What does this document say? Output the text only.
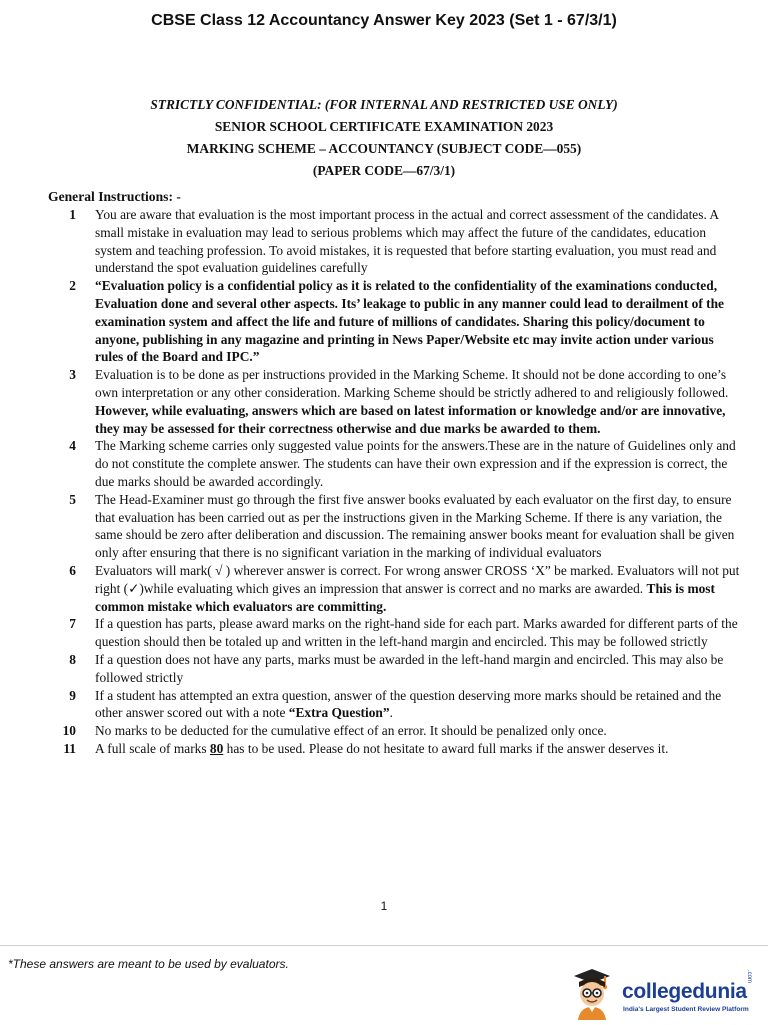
CBSE Class 12 Accountancy Answer Key 2023 (Set 1 - 67/3/1)
STRICTLY CONFIDENTIAL: (FOR INTERNAL AND RESTRICTED USE ONLY)
SENIOR SCHOOL CERTIFICATE EXAMINATION 2023
MARKING SCHEME – ACCOUNTANCY (SUBJECT CODE—055)
(PAPER CODE—67/3/1)
General Instructions: -
1 You are aware that evaluation is the most important process in the actual and correct assessment of the candidates. A small mistake in evaluation may lead to serious problems which may affect the future of the candidates, education system and teaching profession. To avoid mistakes, it is requested that before starting evaluation, you must read and understand the spot evaluation guidelines carefully
2 “Evaluation policy is a confidential policy as it is related to the confidentiality of the examinations conducted, Evaluation done and several other aspects. Its’ leakage to public in any manner could lead to derailment of the examination system and affect the life and future of millions of candidates. Sharing this policy/document to anyone, publishing in any magazine and printing in News Paper/Website etc may invite action under various rules of the Board and IPC.”
3 Evaluation is to be done as per instructions provided in the Marking Scheme. It should not be done according to one’s own interpretation or any other consideration. Marking Scheme should be strictly adhered to and religiously followed. However, while evaluating, answers which are based on latest information or knowledge and/or are innovative, they may be assessed for their correctness otherwise and due marks be awarded to them.
4 The Marking scheme carries only suggested value points for the answers.These are in the nature of Guidelines only and do not constitute the complete answer. The students can have their own expression and if the expression is correct, the due marks should be awarded accordingly.
5 The Head-Examiner must go through the first five answer books evaluated by each evaluator on the first day, to ensure that evaluation has been carried out as per the instructions given in the Marking Scheme. If there is any variation, the same should be zero after deliberation and discussion. The remaining answer books meant for evaluation shall be given only after ensuring that there is no significant variation in the marking of individual evaluators
6 Evaluators will mark( √ ) wherever answer is correct. For wrong answer CROSS ‘X” be marked. Evaluators will not put right (✓)while evaluating which gives an impression that answer is correct and no marks are awarded. This is most common mistake which evaluators are committing.
7 If a question has parts, please award marks on the right-hand side for each part. Marks awarded for different parts of the question should then be totaled up and written in the left-hand margin and encircled. This may be followed strictly
8 If a question does not have any parts, marks must be awarded in the left-hand margin and encircled. This may also be followed strictly
9 If a student has attempted an extra question, answer of the question deserving more marks should be retained and the other answer scored out with a note “Extra Question”.
10 No marks to be deducted for the cumulative effect of an error. It should be penalized only once.
11 A full scale of marks 80 has to be used. Please do not hesitate to award full marks if the answer deserves it.
1
*These answers are meant to be used by evaluators.
collegedunia
India's Largest Student Review Platform
.com
